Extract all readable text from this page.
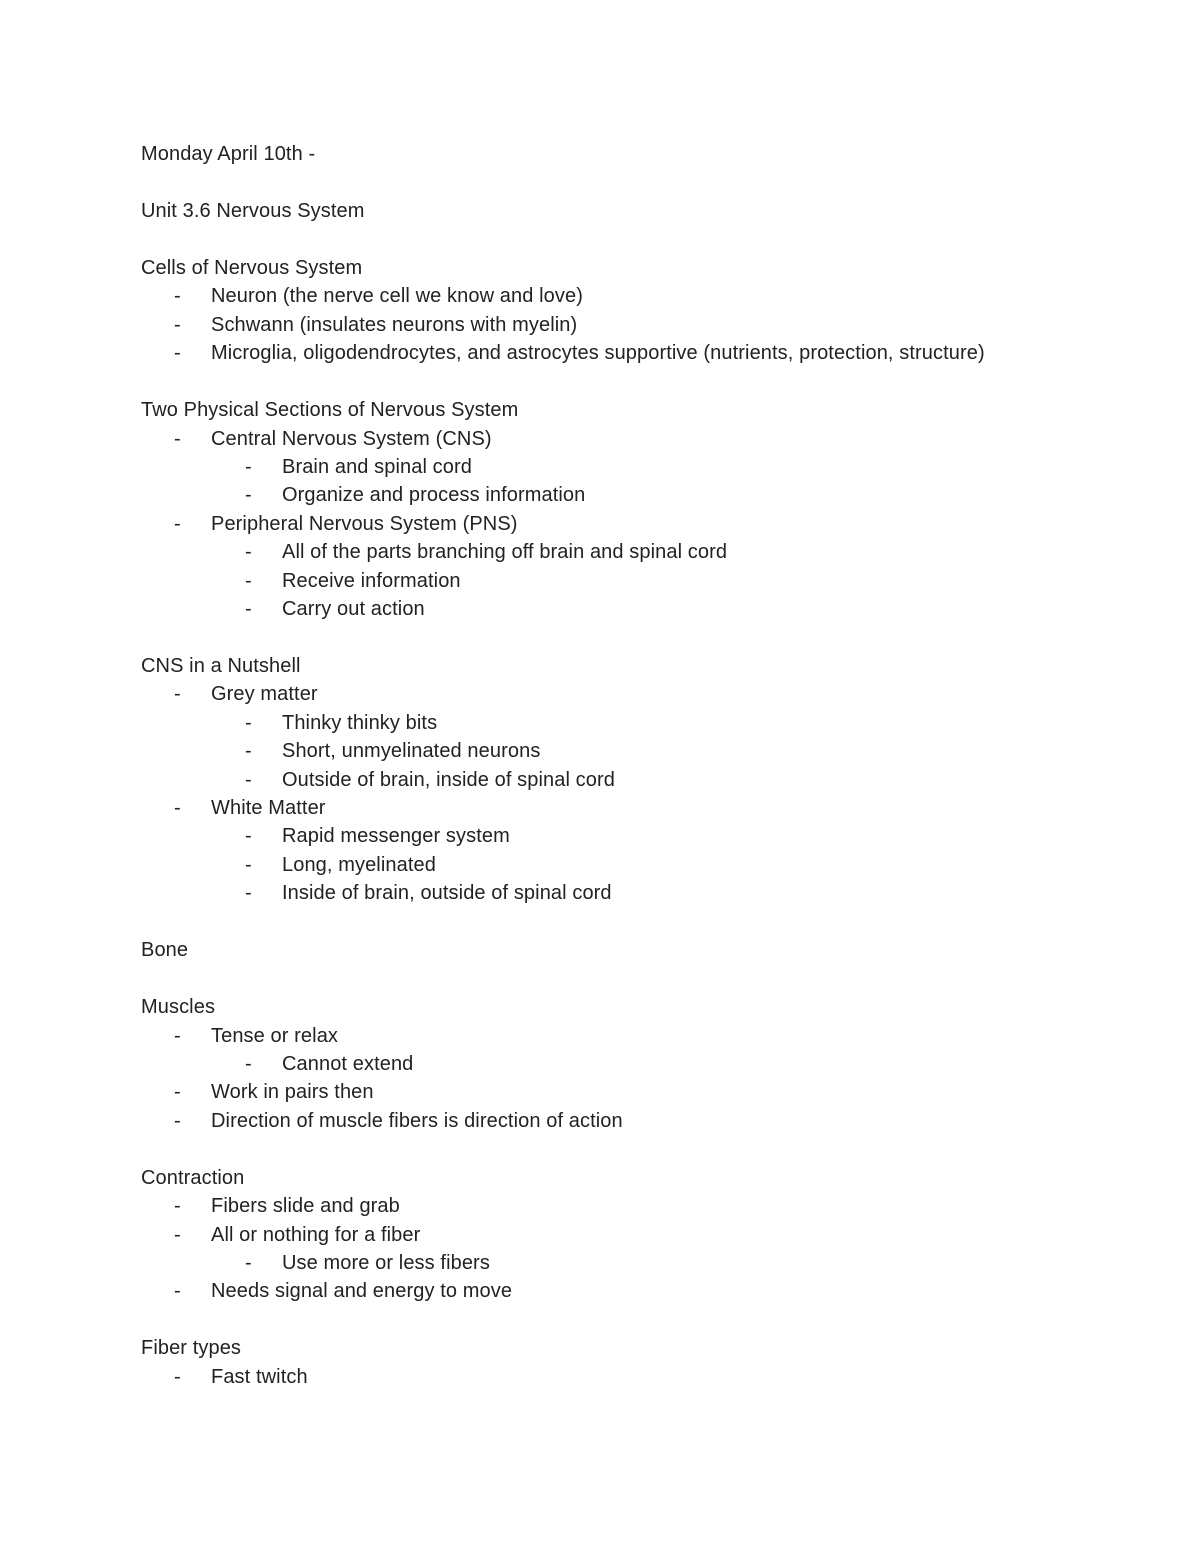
Monday April 10th -
Unit 3.6 Nervous System
Cells of Nervous System
- Neuron (the nerve cell we know and love)
- Schwann (insulates neurons with myelin)
- Microglia, oligodendrocytes, and astrocytes supportive (nutrients, protection, structure)
Two Physical Sections of Nervous System
- Central Nervous System (CNS)
- Brain and spinal cord
- Organize and process information
- Peripheral Nervous System (PNS)
- All of the parts branching off brain and spinal cord
- Receive information
- Carry out action
CNS in a Nutshell
- Grey matter
- Thinky thinky bits
- Short, unmyelinated neurons
- Outside of brain, inside of spinal cord
- White Matter
- Rapid messenger system
- Long, myelinated
- Inside of brain, outside of spinal cord
Bone
Muscles
- Tense or relax
- Cannot extend
- Work in pairs then
- Direction of muscle fibers is direction of action
Contraction
- Fibers slide and grab
- All or nothing for a fiber
- Use more or less fibers
- Needs signal and energy to move
Fiber types
- Fast twitch
